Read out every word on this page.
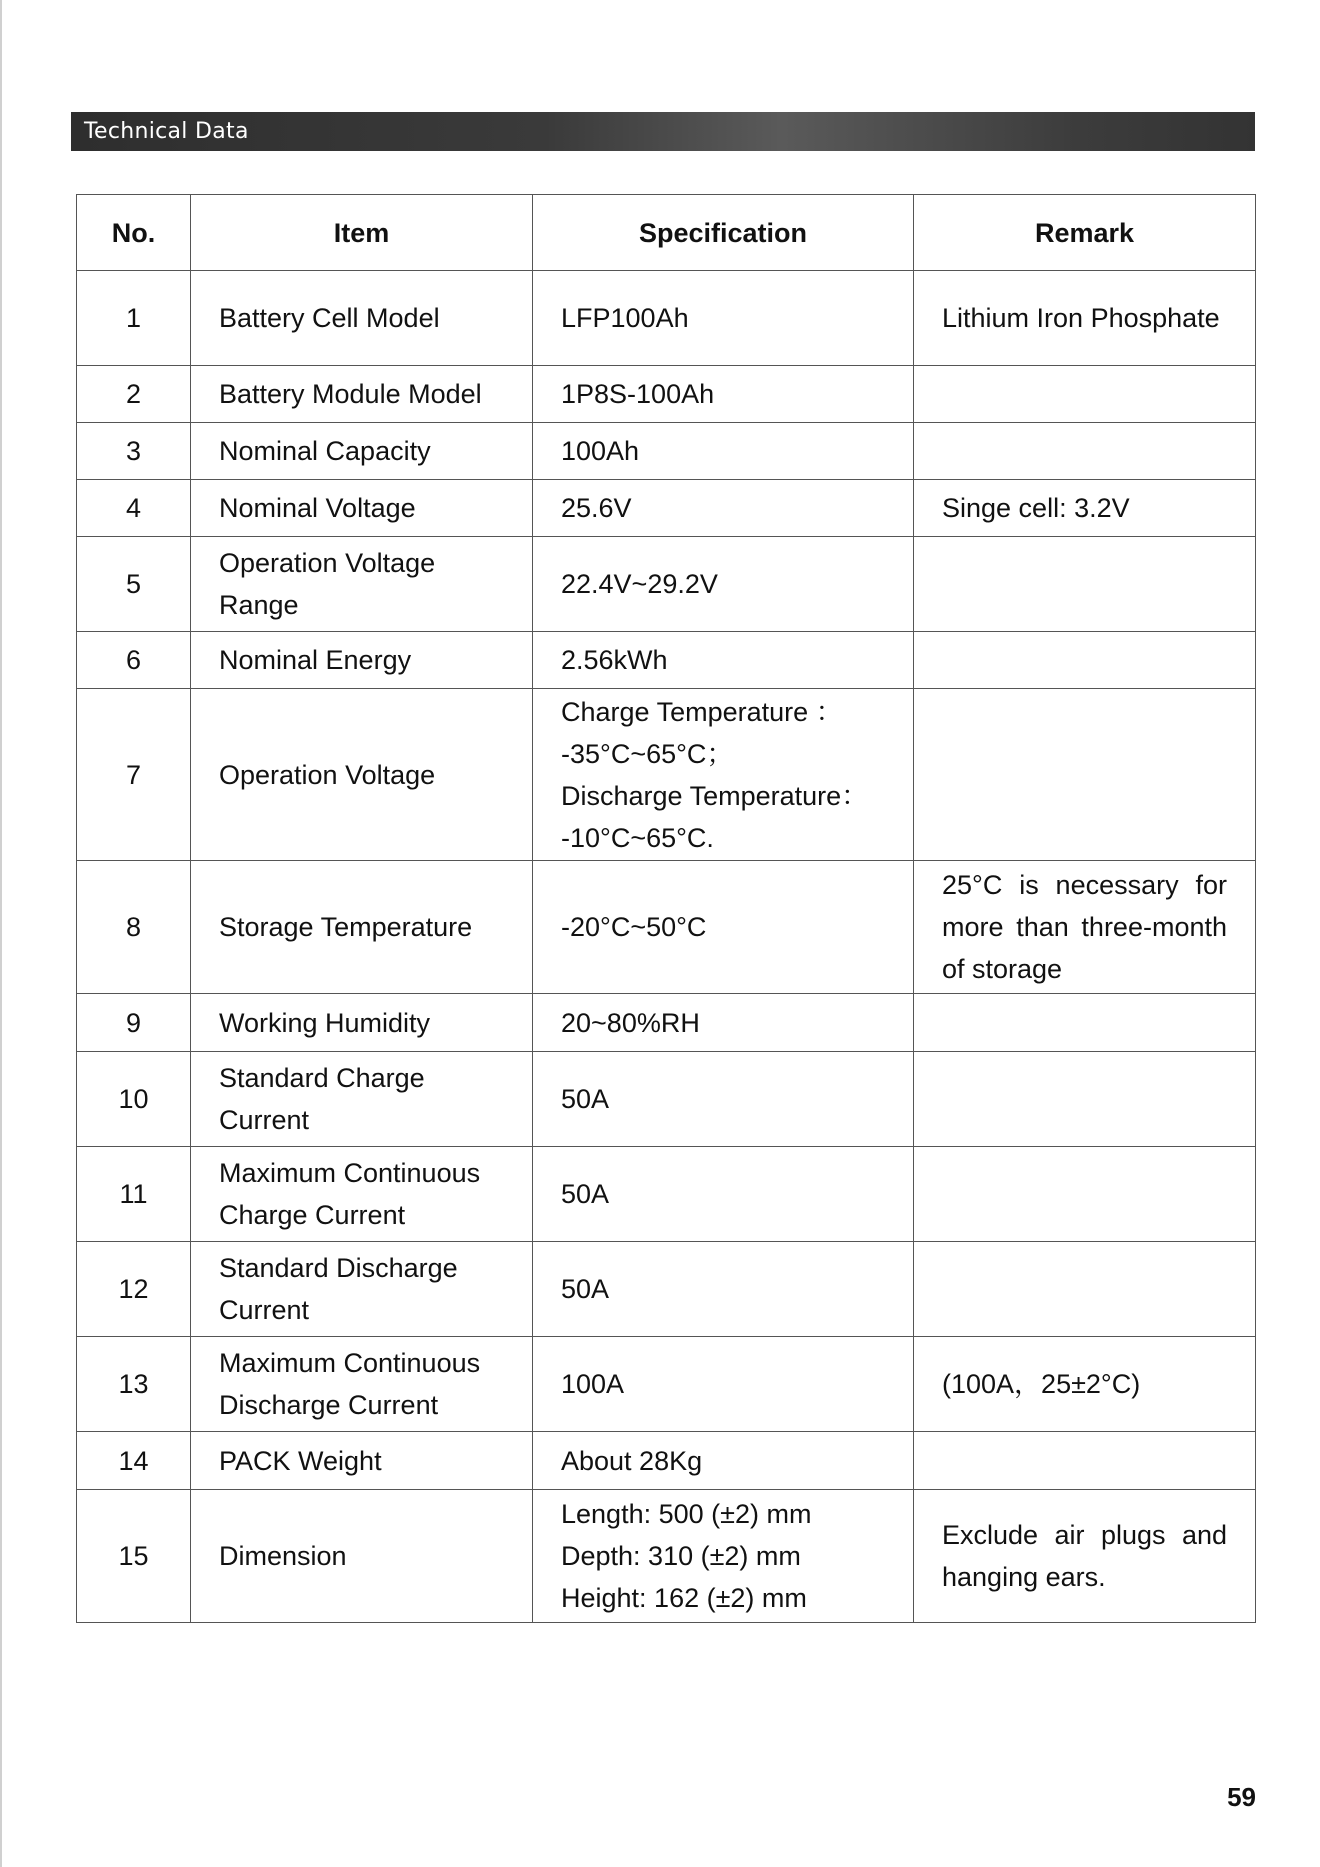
Technical Data
No.	Item	Specification	Remark
1	Battery Cell Model	LFP100Ah	Lithium Iron Phosphate
2	Battery Module Model	1P8S-100Ah	
3	Nominal Capacity	100Ah	
4	Nominal Voltage	25.6V	Singe cell: 3.2V
5	Operation Voltage Range	22.4V~29.2V	
6	Nominal Energy	2.56kWh	
7	Operation Voltage	Charge Temperature ：
-35°C~65°C；
Discharge Temperature：
-10°C~65°C.	

8	Storage Temperature	-20°C~50°C	25°C is necessary for more than three-month of storage
9	Working Humidity	20~80%RH	
10	Standard Charge Current	50A	
11	Maximum Continuous Charge Current	50A	
12	Standard Discharge Current	50A	
13	Maximum Continuous Discharge Current	100A	(100A，25±2°C)
14	PACK Weight	About 28Kg	
15	Dimension	Length: 500 (±2) mm
Depth: 310 (±2) mm
Height: 162 (±2) mm	Exclude air plugs and hanging ears.
59
